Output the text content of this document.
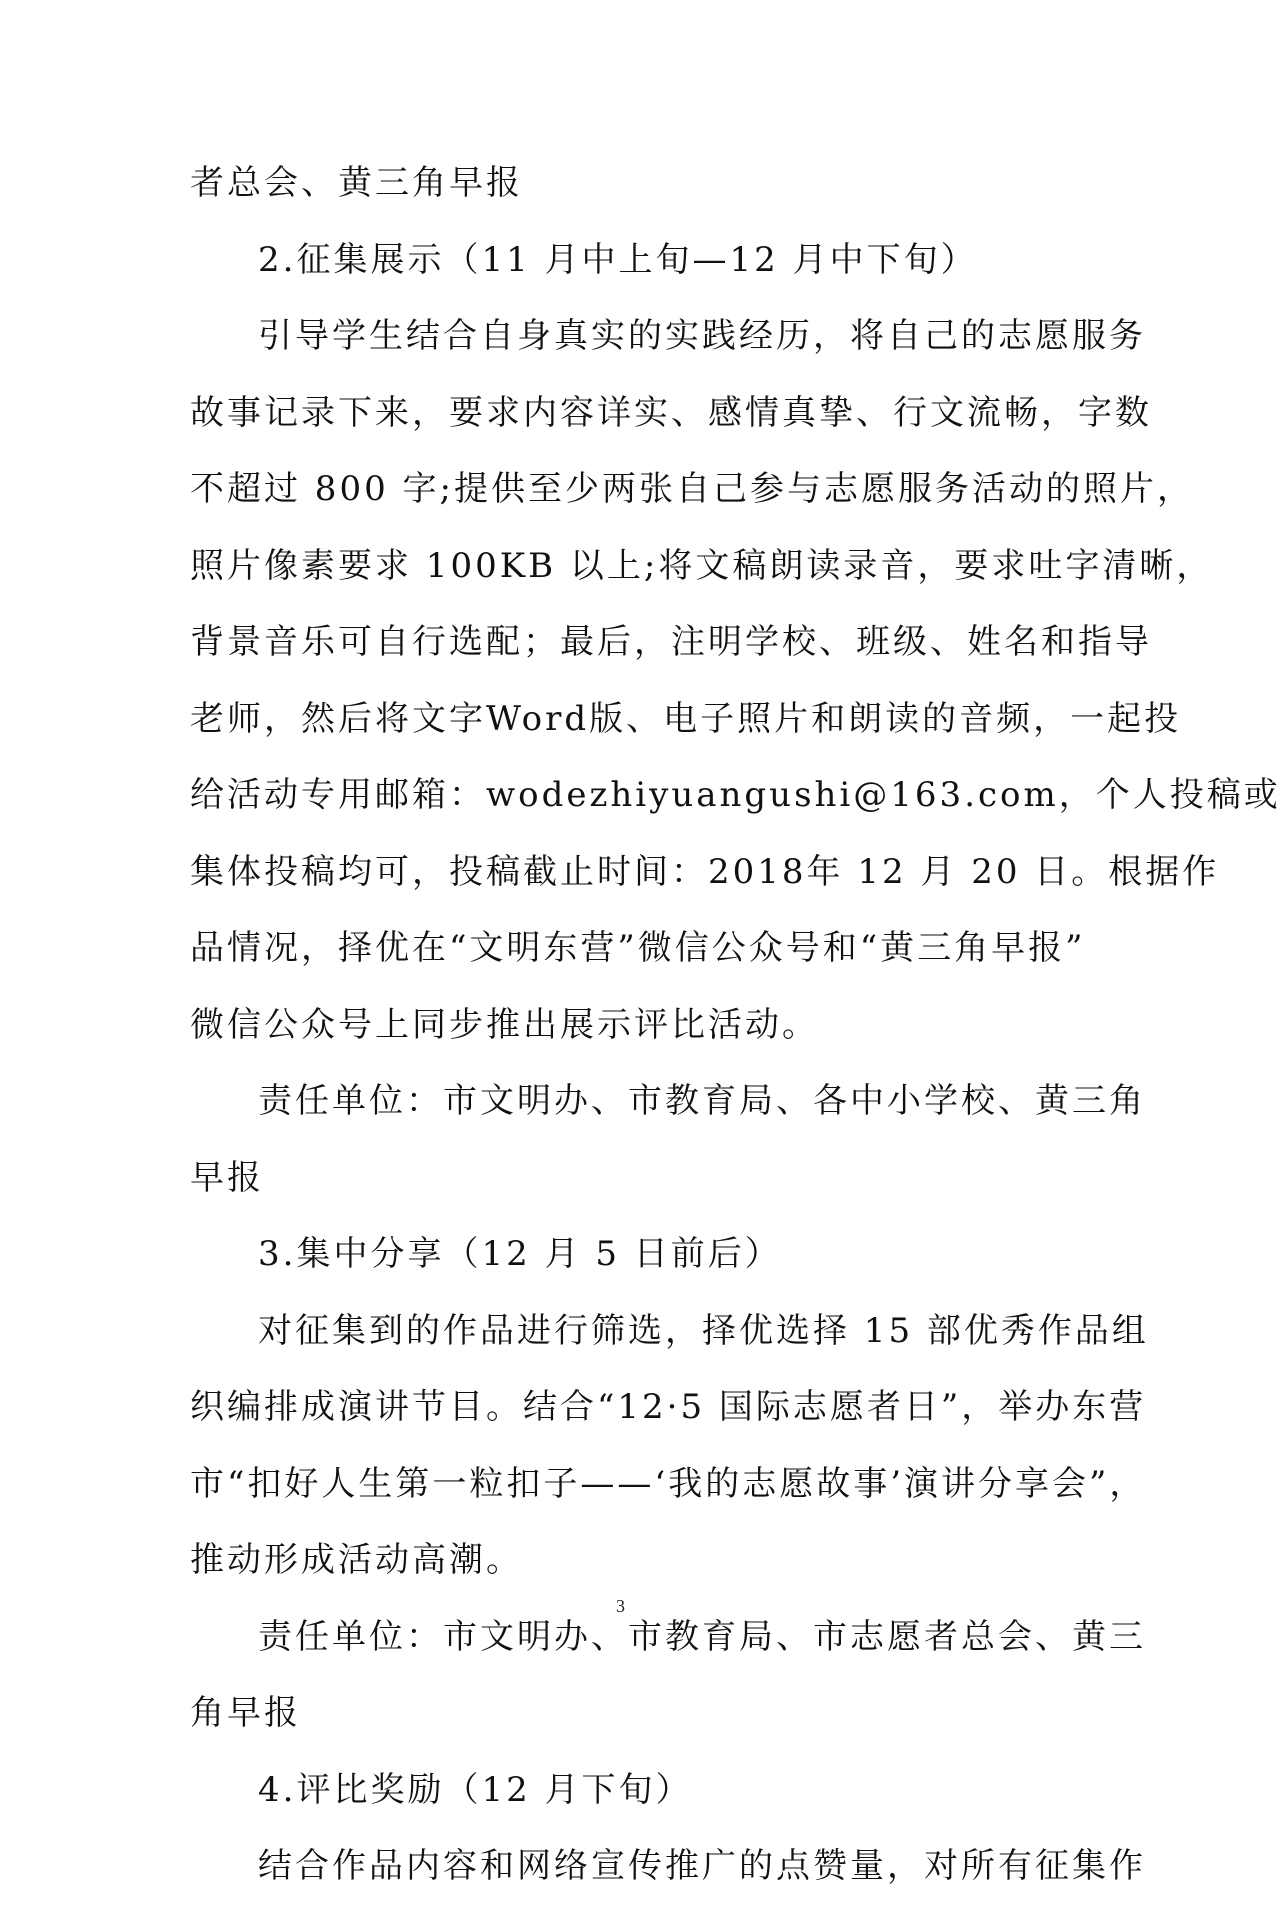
者总会、黄三角早报
2.征集展示（11 月中上旬—12 月中下旬）
引导学生结合自身真实的实践经历，将自己的志愿服务
故事记录下来，要求内容详实、感情真挚、行文流畅，字数
不超过 800 字;提供至少两张自己参与志愿服务活动的照片，
照片像素要求 100KB 以上;将文稿朗读录音，要求吐字清晰，
背景音乐可自行选配；最后，注明学校、班级、姓名和指导
老师，然后将文字Word版、电子照片和朗读的音频，一起投
给活动专用邮箱：wodezhiyuangushi@163.com，个人投稿或
集体投稿均可，投稿截止时间：2018年 12 月 20 日。根据作
品情况，择优在“文明东营”微信公众号和“黄三角早报”
微信公众号上同步推出展示评比活动。
责任单位：市文明办、市教育局、各中小学校、黄三角
早报
3.集中分享（12 月 5 日前后）
对征集到的作品进行筛选，择优选择 15 部优秀作品组
织编排成演讲节目。结合“12·5 国际志愿者日”，举办东营
市“扣好人生第一粒扣子——‘我的志愿故事’演讲分享会”，
推动形成活动高潮。
责任单位：市文明办、市教育局、市志愿者总会、黄三
角早报
4.评比奖励（12 月下旬）
结合作品内容和网络宣传推广的点赞量，对所有征集作
3
